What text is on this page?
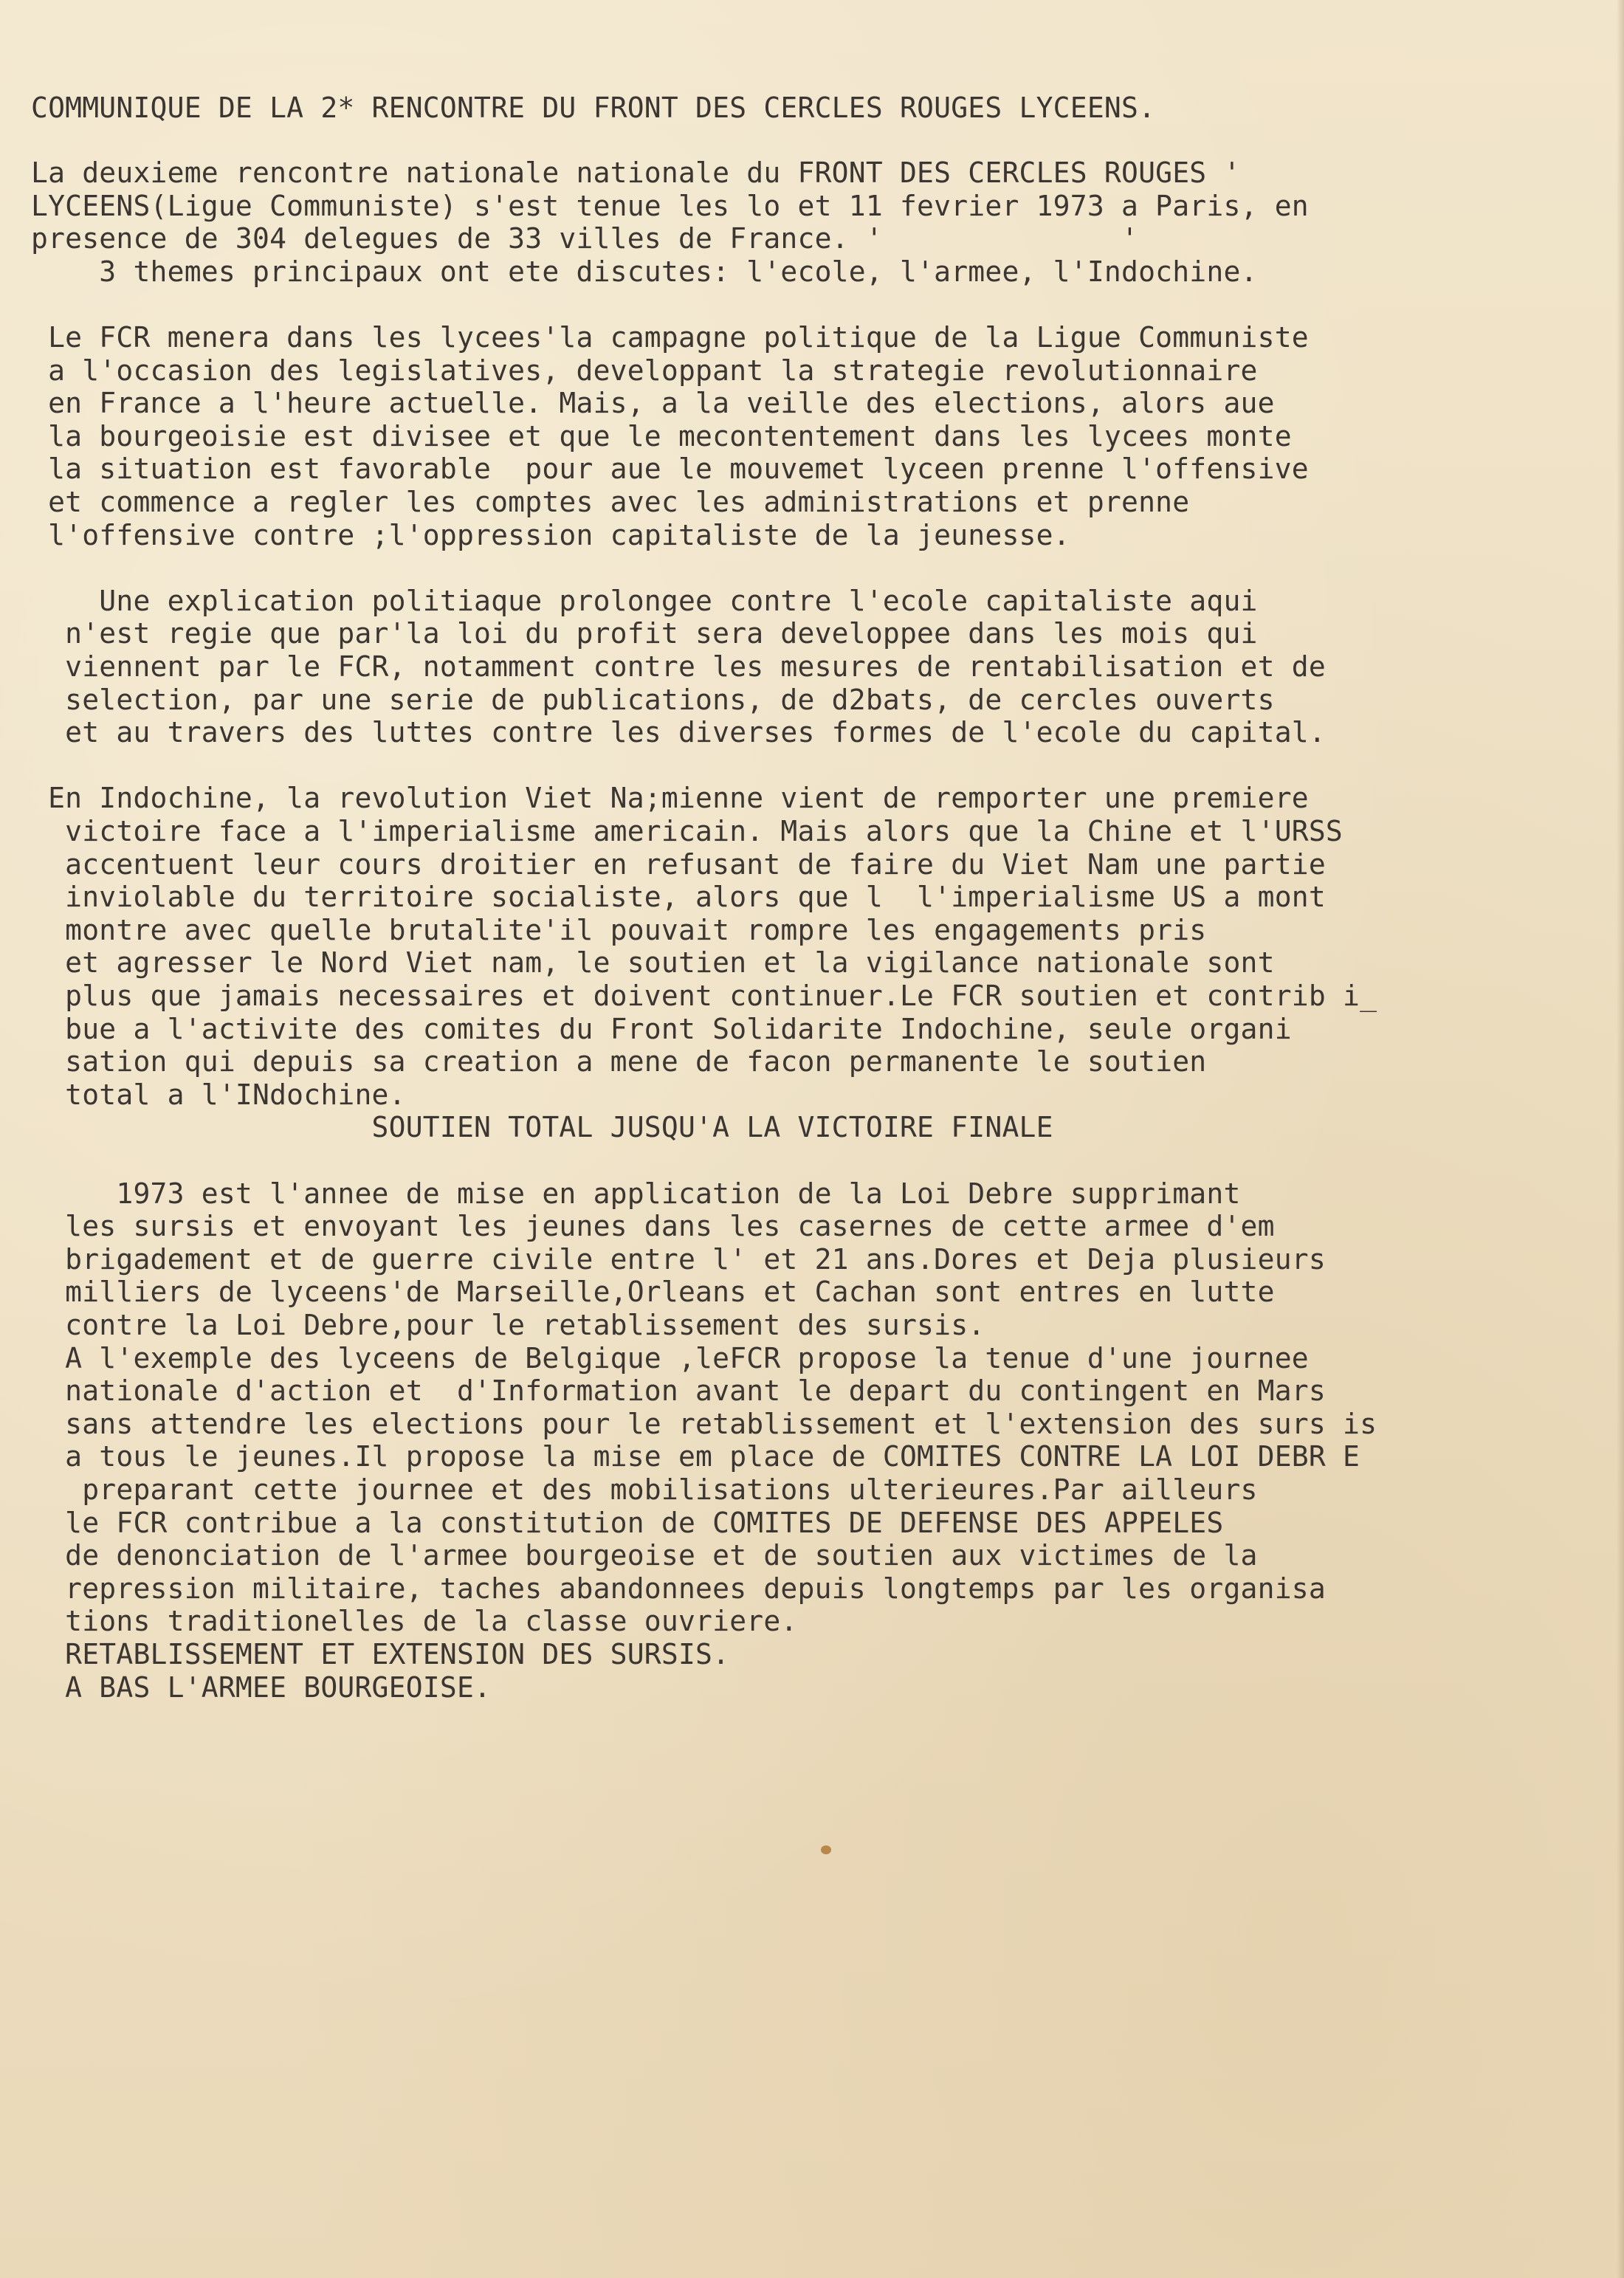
COMMUNIQUE DE LA 2* RENCONTRE DU FRONT DES CERCLES ROUGES LYCEENS.
La deuxieme rencontre nationale nationale du FRONT DES CERCLES ROUGES '
LYCEENS(Ligue Communiste) s'est tenue les lo et 11 fevrier 1973 a Paris, en
presence de 304 delegues de 33 villes de France. '              '
3 themes principaux ont ete discutes: l'ecole, l'armee, l'Indochine.
Le FCR menera dans les lycees'la campagne politique de la Ligue Communiste
a l'occasion des legislatives, developpant la strategie revolutionnaire
en France a l'heure actuelle. Mais, a la veille des elections, alors aue
la bourgeoisie est divisee et que le mecontentement dans les lycees monte
la situation est favorable  pour aue le mouvemet lyceen prenne l'offensive
et commence a regler les comptes avec les administrations et prenne
l'offensive contre ;l'oppression capitaliste de la jeunesse.
Une explication politiaque prolongee contre l'ecole capitaliste aqui
n'est regie que par'la loi du profit sera developpee dans les mois qui
viennent par le FCR, notamment contre les mesures de rentabilisation et de
selection, par une serie de publications, de d2bats, de cercles ouverts
et au travers des luttes contre les diverses formes de l'ecole du capital.
En Indochine, la revolution Viet Na;mienne vient de remporter une premiere
victoire face a l'imperialisme americain. Mais alors que la Chine et l'URSS
accentuent leur cours droitier en refusant de faire du Viet Nam une partie
inviolable du territoire socialiste, alors que l  l'imperialisme US a mont
montre avec quelle brutalite'il pouvait rompre les engagements pris
et agresser le Nord Viet nam, le soutien et la vigilance nationale sont
plus que jamais necessaires et doivent continuer.Le FCR soutien et contrib i_
bue a l'activite des comites du Front Solidarite Indochine, seule organi
sation qui depuis sa creation a mene de facon permanente le soutien
total a l'INdochine.
SOUTIEN TOTAL JUSQU'A LA VICTOIRE FINALE
1973 est l'annee de mise en application de la Loi Debre supprimant
les sursis et envoyant les jeunes dans les casernes de cette armee d'em
brigadement et de guerre civile entre l' et 21 ans.Dores et Deja plusieurs
milliers de lyceens'de Marseille,Orleans et Cachan sont entres en lutte
contre la Loi Debre,pour le retablissement des sursis.
A l'exemple des lyceens de Belgique ,leFCR propose la tenue d'une journee
nationale d'action et  d'Information avant le depart du contingent en Mars
sans attendre les elections pour le retablissement et l'extension des surs is
a tous le jeunes.Il propose la mise em place de COMITES CONTRE LA LOI DEBR E
preparant cette journee et des mobilisations ulterieures.Par ailleurs
le FCR contribue a la constitution de COMITES DE DEFENSE DES APPELES
de denonciation de l'armee bourgeoise et de soutien aux victimes de la
repression militaire, taches abandonnees depuis longtemps par les organisa
tions traditionelles de la classe ouvriere.
RETABLISSEMENT ET EXTENSION DES SURSIS.
A BAS L'ARMEE BOURGEOISE.
